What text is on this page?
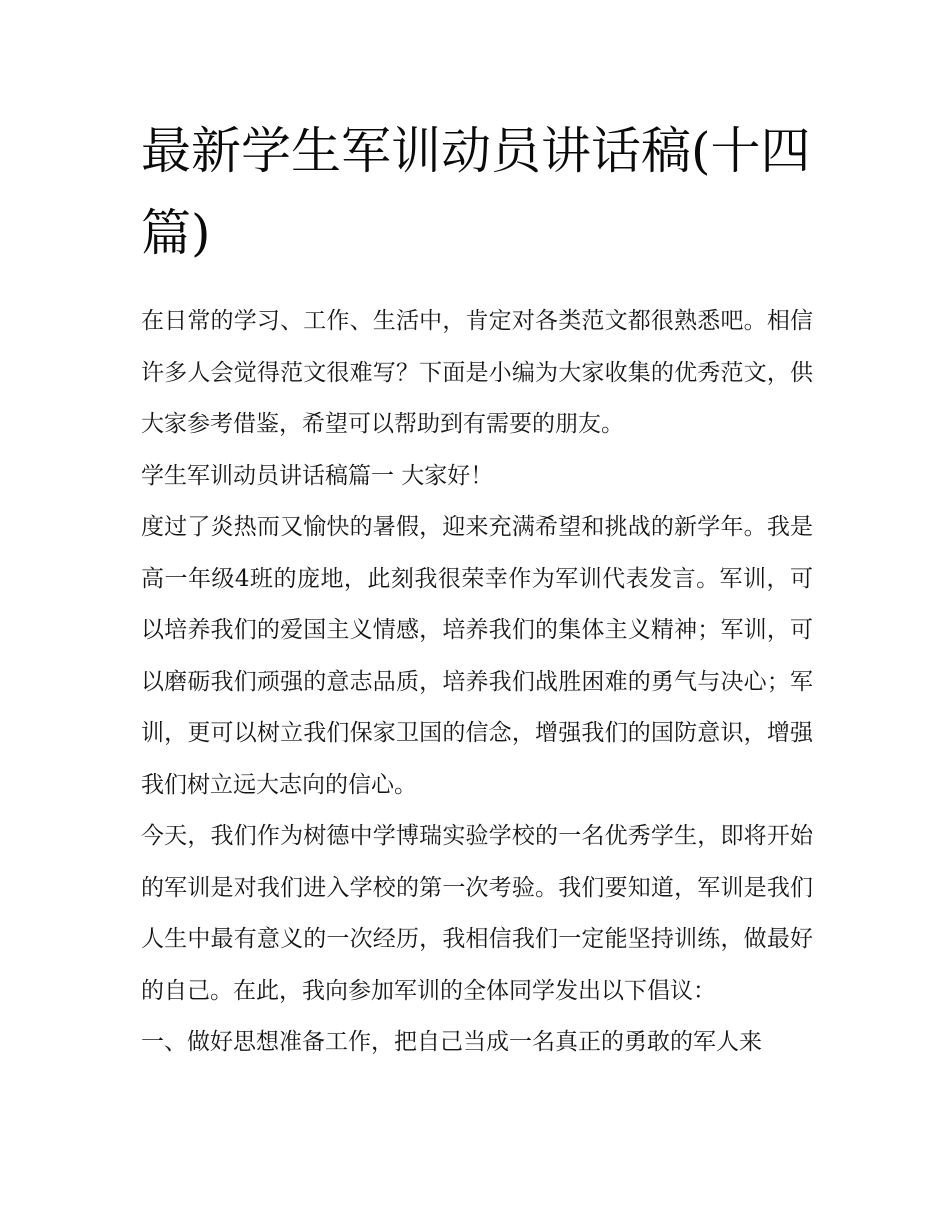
最新学生军训动员讲话稿(十四篇)

在日常的学习、工作、生活中，肯定对各类范文都很熟悉吧。相信许多人会觉得范文很难写？下面是小编为大家收集的优秀范文，供大家参考借鉴，希望可以帮助到有需要的朋友。

学生军训动员讲话稿篇一 大家好！

度过了炎热而又愉快的暑假，迎来充满希望和挑战的新学年。我是高一年级4班的庞地，此刻我很荣幸作为军训代表发言。军训，可以培养我们的爱国主义情感，培养我们的集体主义精神；军训，可以磨砺我们顽强的意志品质，培养我们战胜困难的勇气与决心；军训，更可以树立我们保家卫国的信念，增强我们的国防意识，增强我们树立远大志向的信心。

今天，我们作为树德中学博瑞实验学校的一名优秀学生，即将开始的军训是对我们进入学校的第一次考验。我们要知道，军训是我们人生中最有意义的一次经历，我相信我们一定能坚持训练，做最好的自己。在此，我向参加军训的全体同学发出以下倡议：

一、做好思想准备工作，把自己当成一名真正的勇敢的军人来
